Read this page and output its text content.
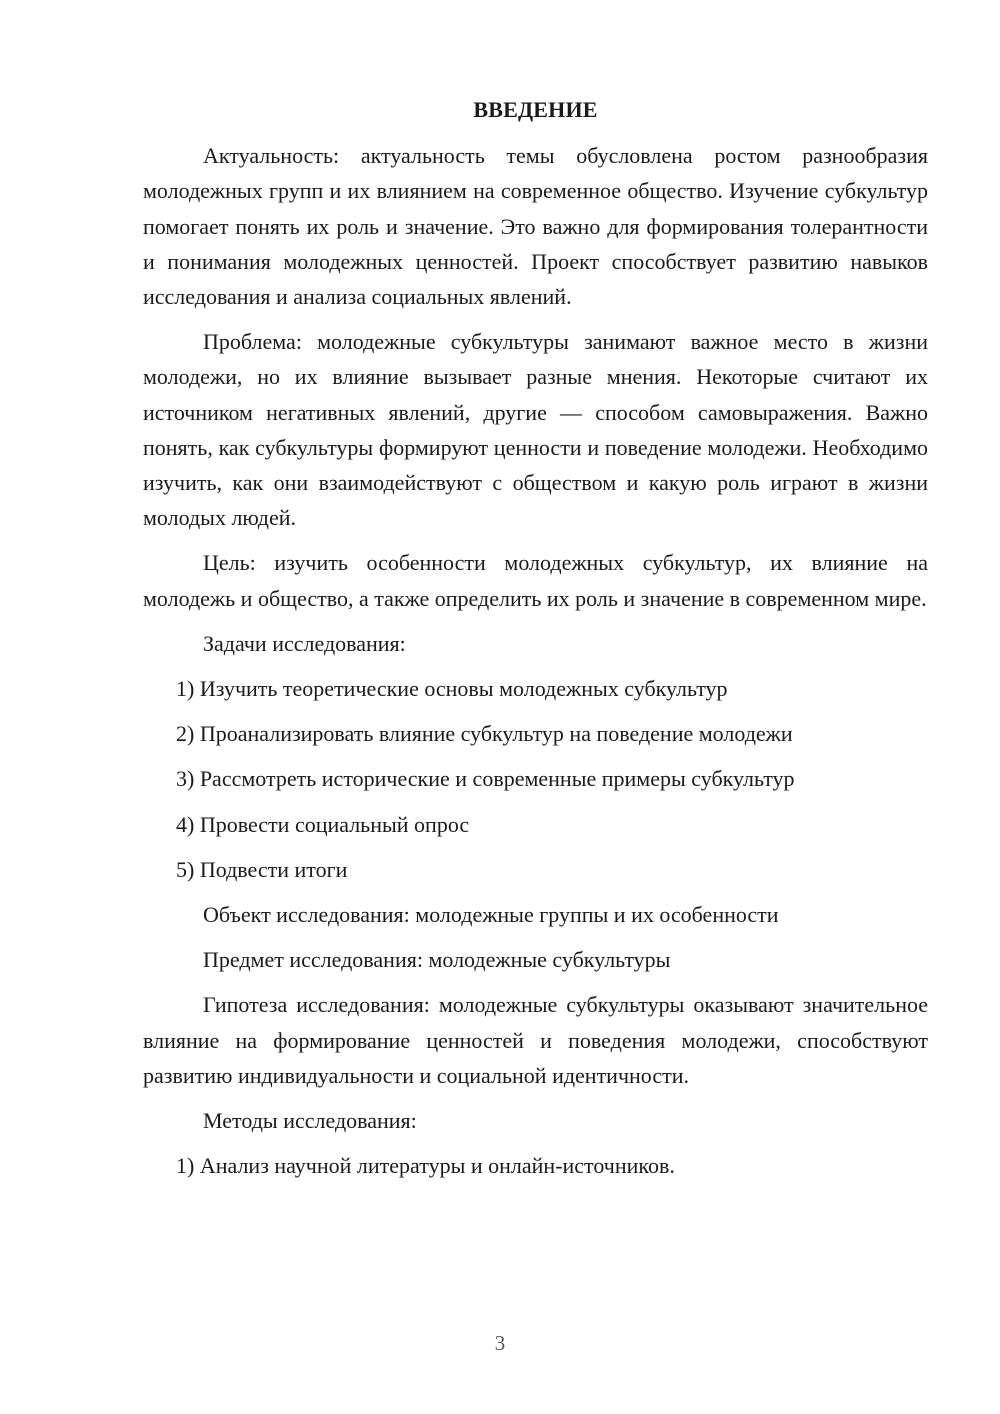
ВВЕДЕНИЕ
Актуальность: актуальность темы обусловлена ростом разнообразия молодежных групп и их влиянием на современное общество. Изучение субкультур помогает понять их роль и значение. Это важно для формирования толерантности и понимания молодежных ценностей. Проект способствует развитию навыков исследования и анализа социальных явлений.
Проблема: молодежные субкультуры занимают важное место в жизни молодежи, но их влияние вызывает разные мнения. Некоторые считают их источником негативных явлений, другие — способом самовыражения. Важно понять, как субкультуры формируют ценности и поведение молодежи. Необходимо изучить, как они взаимодействуют с обществом и какую роль играют в жизни молодых людей.
Цель: изучить особенности молодежных субкультур, их влияние на молодежь и общество, а также определить их роль и значение в современном мире.
Задачи исследования:
1) Изучить теоретические основы молодежных субкультур
2) Проанализировать влияние субкультур на поведение молодежи
3) Рассмотреть исторические и современные примеры субкультур
4) Провести социальный опрос
5) Подвести итоги
Объект исследования: молодежные группы и их особенности
Предмет исследования: молодежные субкультуры
Гипотеза исследования: молодежные субкультуры оказывают значительное влияние на формирование ценностей и поведения молодежи, способствуют развитию индивидуальности и социальной идентичности.
Методы исследования:
1) Анализ научной литературы и онлайн-источников.
3
